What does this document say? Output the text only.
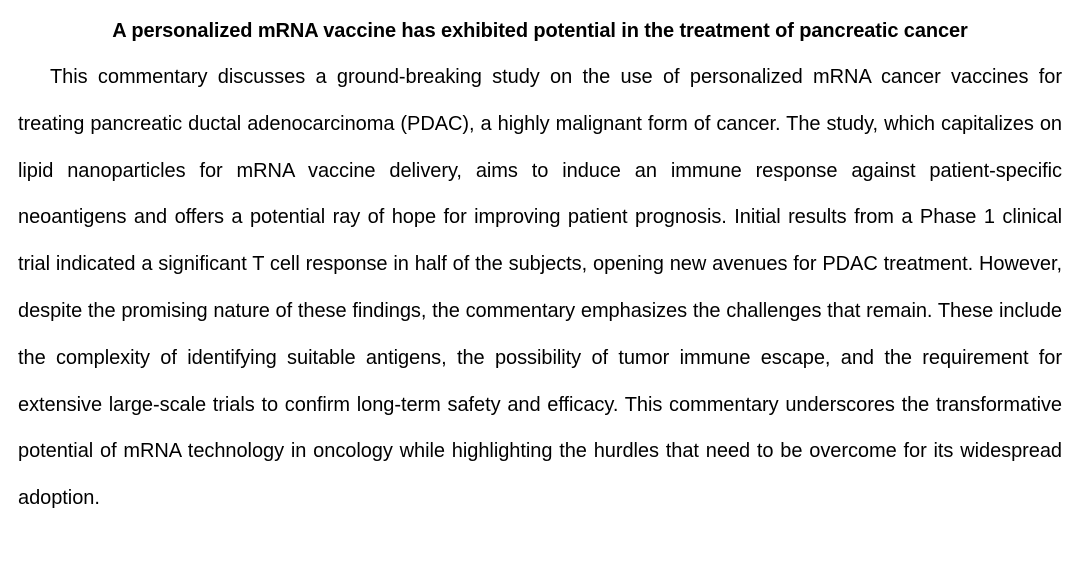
A personalized mRNA vaccine has exhibited potential in the treatment of pancreatic cancer

This commentary discusses a ground-breaking study on the use of personalized mRNA cancer vaccines for treating pancreatic ductal adenocarcinoma (PDAC), a highly malignant form of cancer. The study, which capitalizes on lipid nanoparticles for mRNA vaccine delivery, aims to induce an immune response against patient-specific neoantigens and offers a potential ray of hope for improving patient prognosis. Initial results from a Phase 1 clinical trial indicated a significant T cell response in half of the subjects, opening new avenues for PDAC treatment. However, despite the promising nature of these findings, the commentary emphasizes the challenges that remain. These include the complexity of identifying suitable antigens, the possibility of tumor immune escape, and the requirement for extensive large-scale trials to confirm long-term safety and efficacy. This commentary underscores the transformative potential of mRNA technology in oncology while highlighting the hurdles that need to be overcome for its widespread adoption.
